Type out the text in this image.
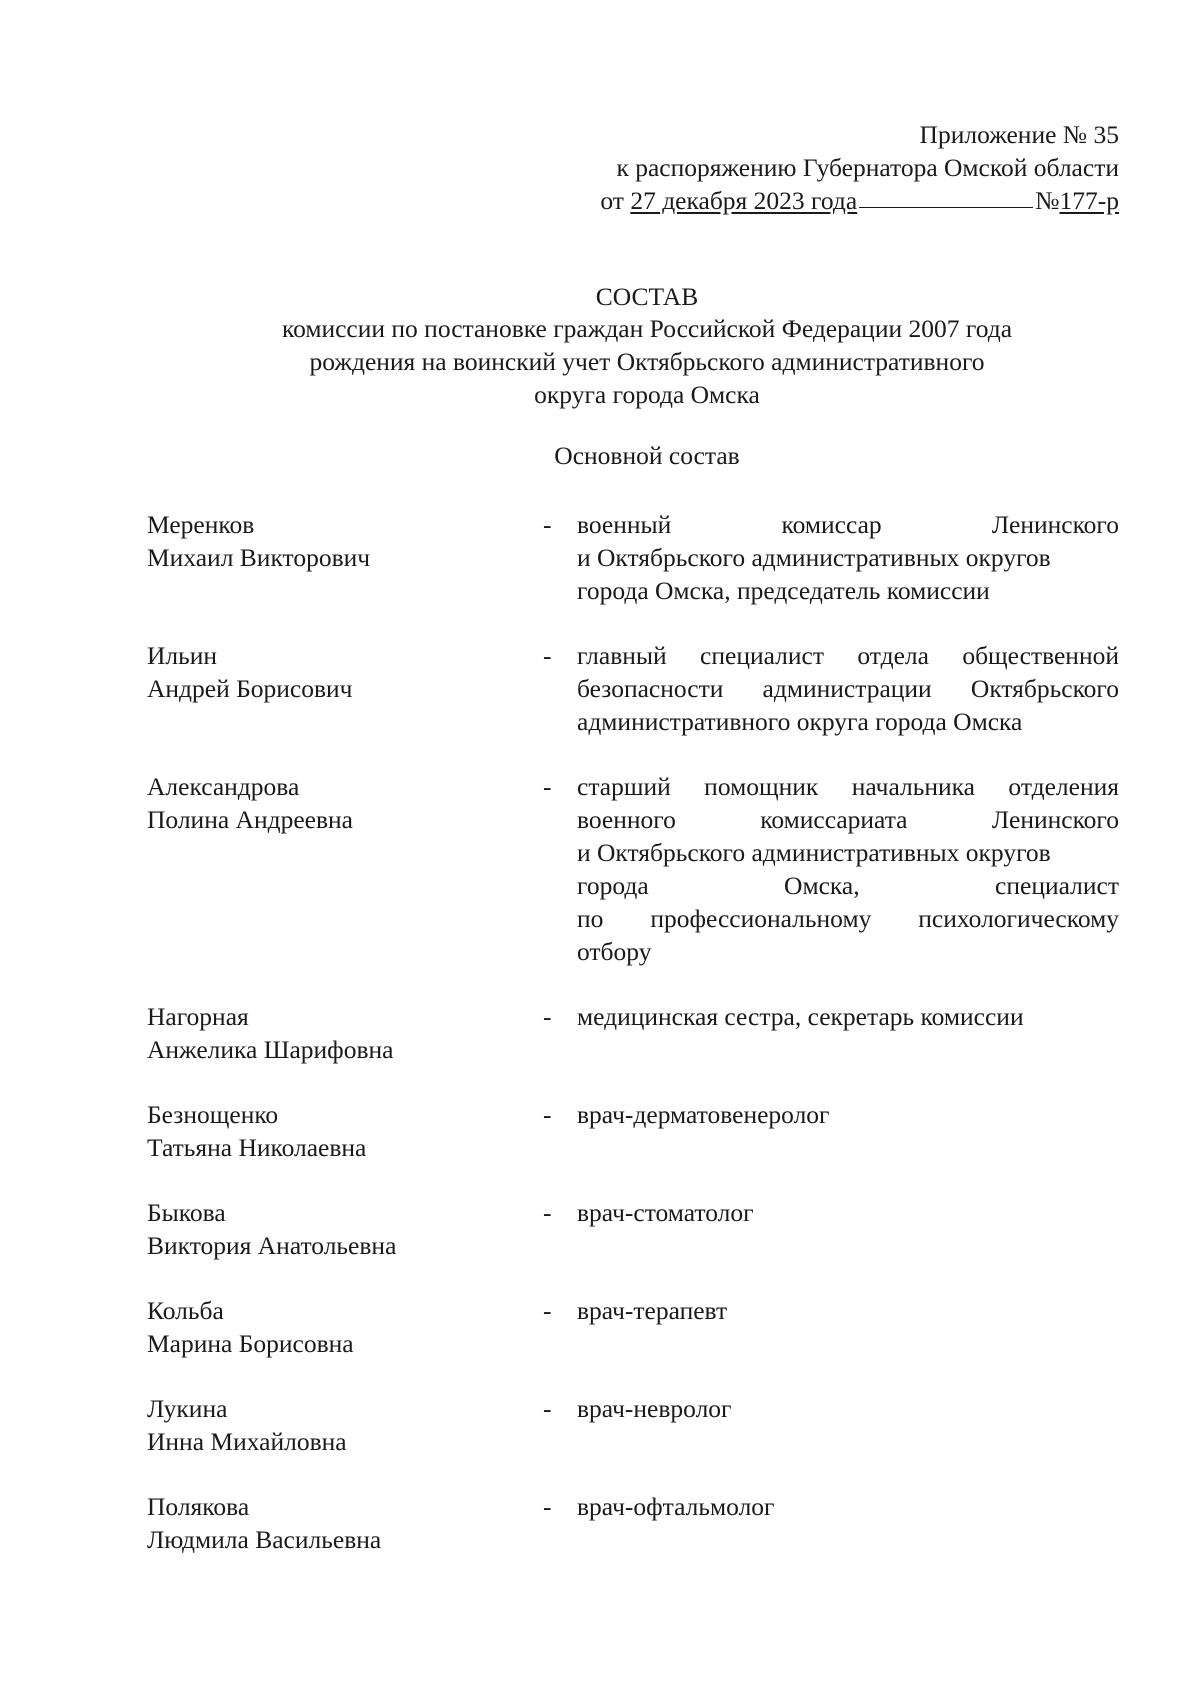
Приложение № 35
к распоряжению Губернатора Омской области
от
27 декабря 2023 года	№ 177-р
СОСТАВ
комиссии по постановке граждан Российской Федерации 2007 года
рождения на воинский учет Октябрьского административного
округа города Омска
Основной состав
Меренков
Михаил Викторович
-	военный комиссар Ленинского
и Октябрьского административных округов
города Омска, председатель комиссии
Ильин
Андрей Борисович
-	главный специалист отдела общественной
безопасности администрации Октябрьского
административного округа города Омска
Александрова
Полина Андреевна
-	старший помощник начальника отделения
военного комиссариата Ленинского
и Октябрьского административных округов
города Омска, специалист
по профессиональному психологическому
отбору
Нагорная
Анжелика Шарифовна
-	медицинская сестра, секретарь комиссии
Безнощенко
Татьяна Николаевна
-	врач-дерматовенеролог
Быкова
Виктория Анатольевна
-	врач-стоматолог
Кольба
Марина Борисовна
-	врач-терапевт
Лукина
Инна Михайловна
-	врач-невролог
Полякова
Людмила Васильевна
-	врач-офтальмолог
